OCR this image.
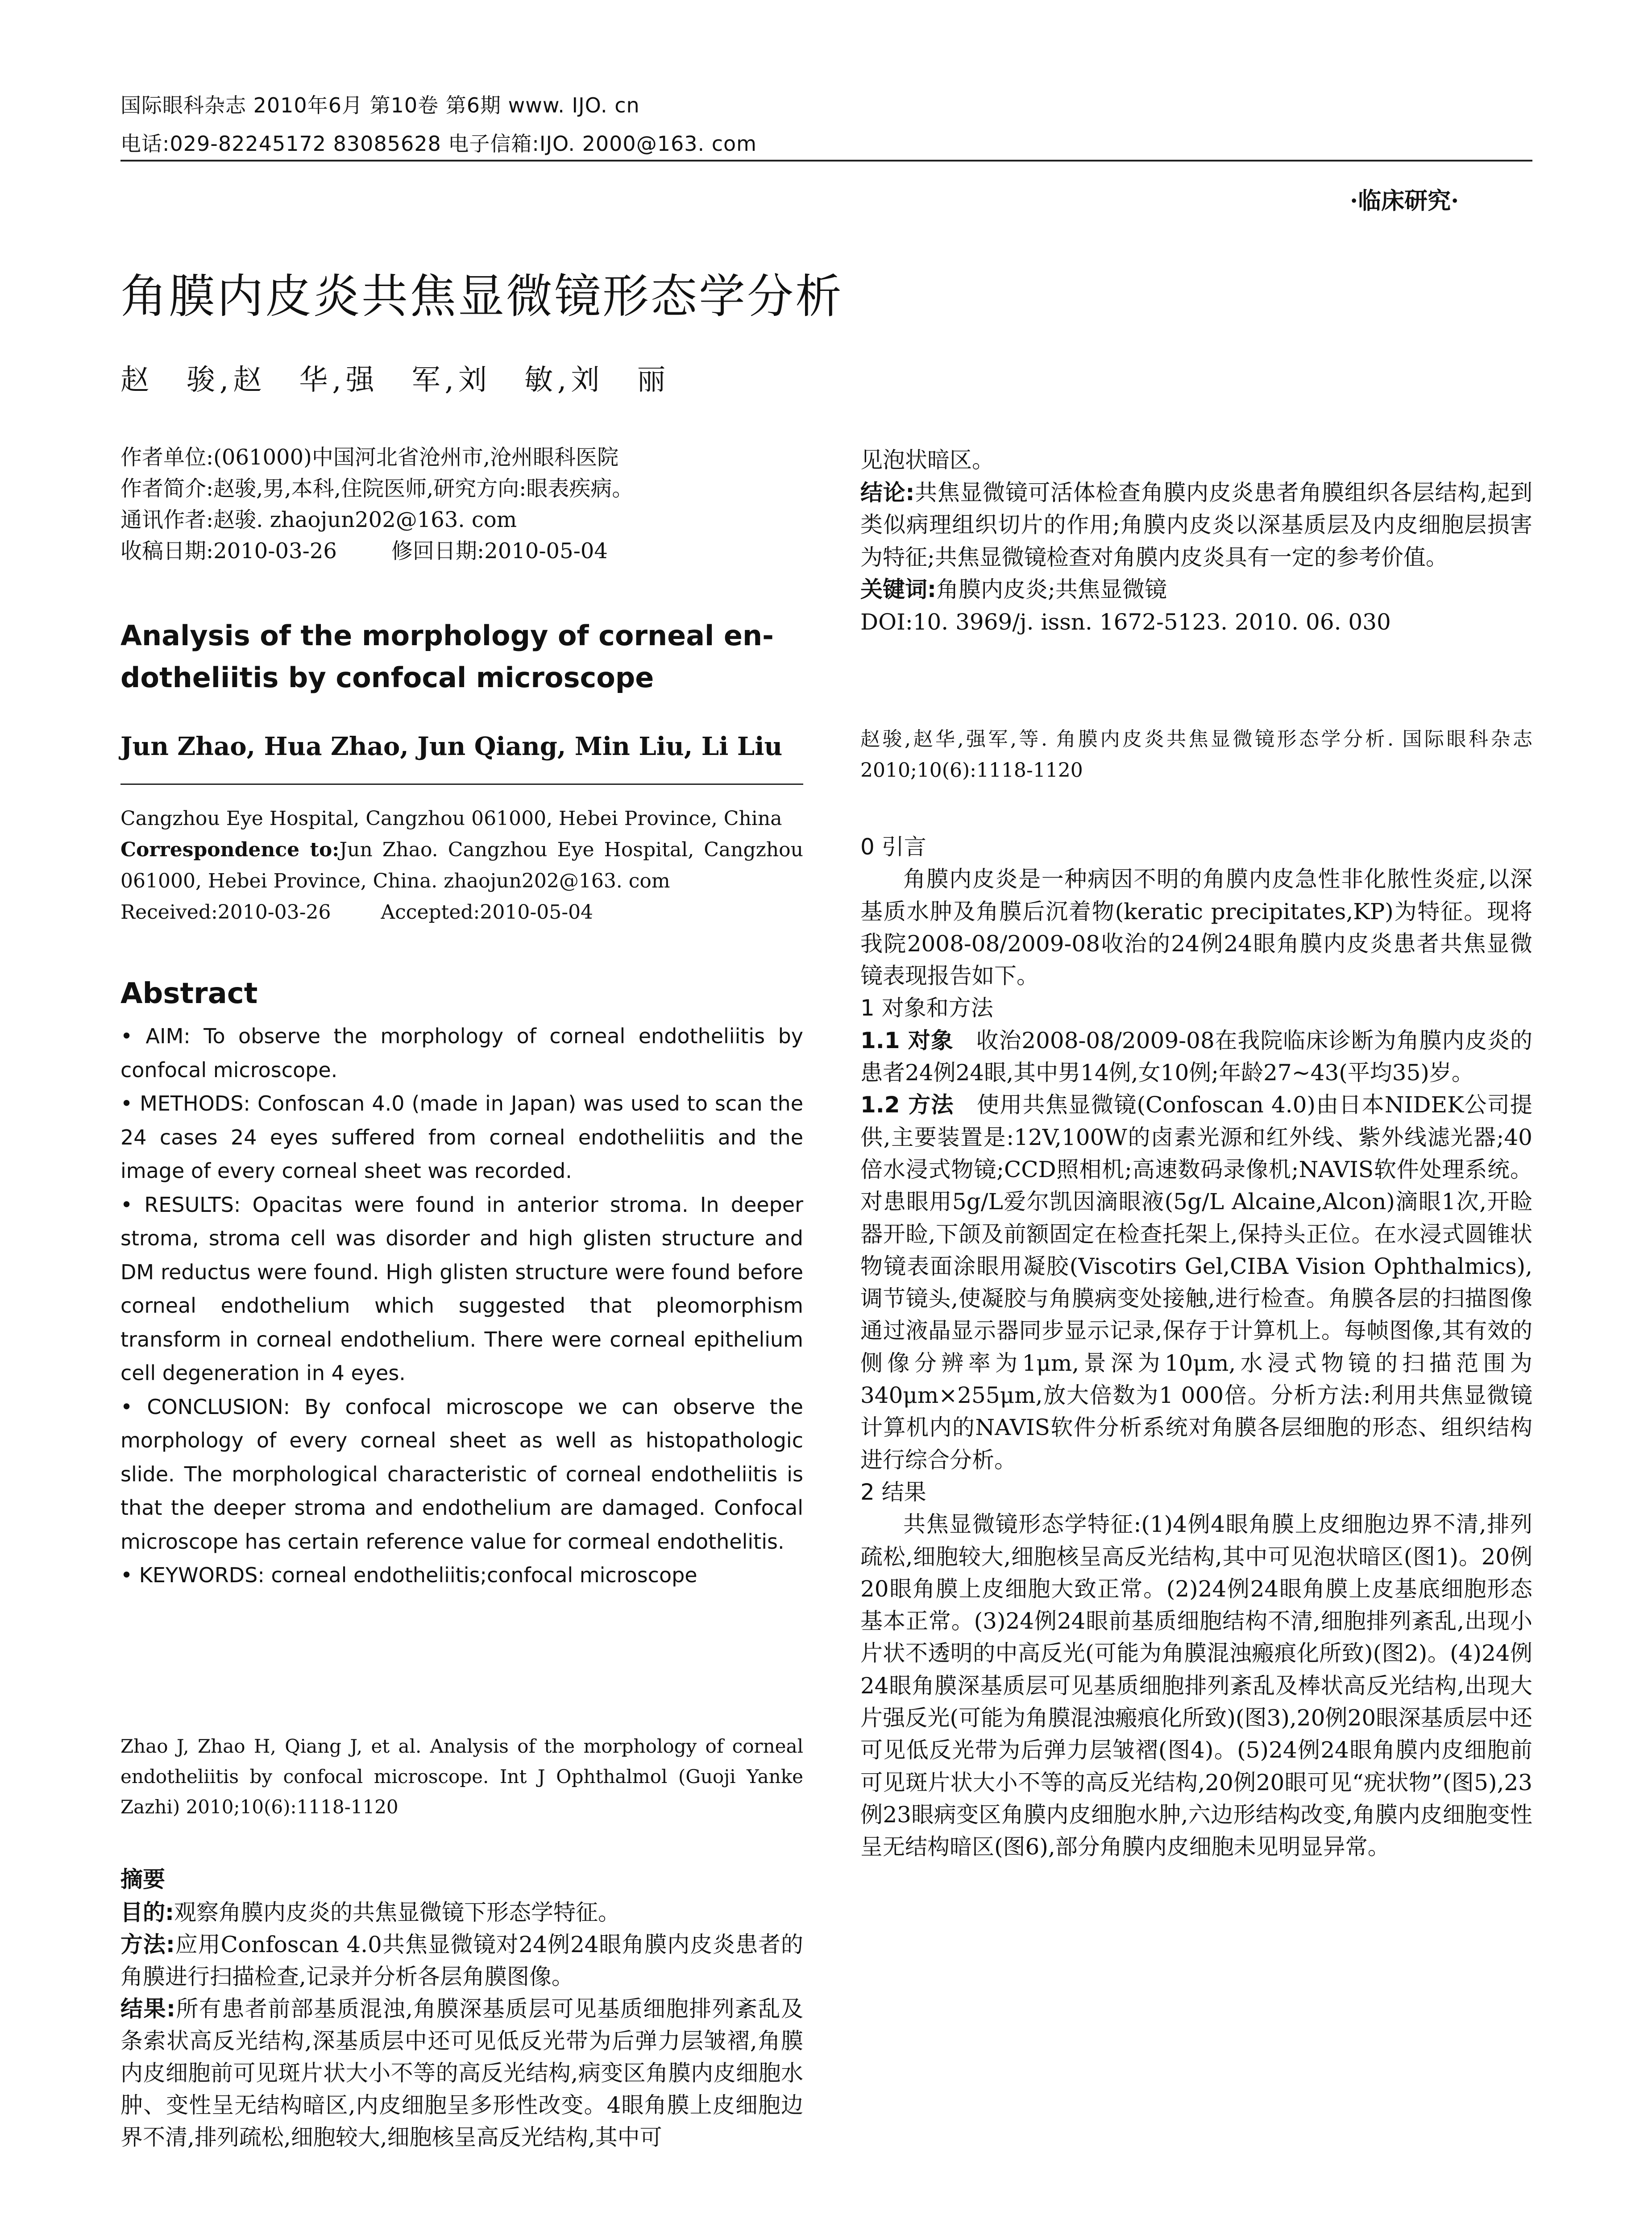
国际眼科杂志 2010年6月 第10卷 第6期 www. IJO. cn
电话:029-82245172 83085628 电子信箱:IJO. 2000@163. com
·临床研究·
角膜内皮炎共焦显微镜形态学分析
赵　骏,赵　华,强　军,刘　敏,刘　丽

作者单位:(061000)中国河北省沧州市,沧州眼科医院

作者简介:赵骏,男,本科,住院医师,研究方向:眼表疾病。

通讯作者:赵骏. zhaojun202@163. com

收稿日期:2010-03-26        修回日期:2010-05-04

Analysis of the morphology of corneal en-dotheliitis by confocal microscope
Jun Zhao, Hua Zhao, Jun Qiang, Min Liu, Li Liu

Cangzhou Eye Hospital, Cangzhou 061000, Hebei Province, China

Correspondence to:Jun Zhao. Cangzhou Eye Hospital, Cangzhou 061000, Hebei Province, China. zhaojun202@163. com

Received:2010-03-26        Accepted:2010-05-04

Abstract

• AIM: To observe the morphology of corneal endotheliitis by confocal microscope.

• METHODS: Confoscan 4.0 (made in Japan) was used to scan the 24 cases 24 eyes suffered from corneal endotheliitis and the image of every corneal sheet was recorded.

• RESULTS: Opacitas were found in anterior stroma. In deeper stroma, stroma cell was disorder and high glisten structure and DM reductus were found. High glisten structure were found before corneal endothelium which suggested that pleomorphism transform in corneal endothelium. There were corneal epithelium cell degeneration in 4 eyes.

• CONCLUSION: By confocal microscope we can observe the morphology of every corneal sheet as well as histopathologic slide. The morphological characteristic of corneal endotheliitis is that the deeper stroma and endothelium are damaged. Confocal microscope has certain reference value for cormeal endothelitis.

• KEYWORDS: corneal endotheliitis;confocal microscope

Zhao J, Zhao H, Qiang J, et al. Analysis of the morphology of corneal endotheliitis by confocal microscope. Int J Ophthalmol (Guoji Yanke Zazhi) 2010;10(6):1118-1120
摘要

目的:观察角膜内皮炎的共焦显微镜下形态学特征。

方法:应用Confoscan 4.0共焦显微镜对24例24眼角膜内皮炎患者的角膜进行扫描检查,记录并分析各层角膜图像。

结果:所有患者前部基质混浊,角膜深基质层可见基质细胞排列紊乱及条索状高反光结构,深基质层中还可见低反光带为后弹力层皱褶,角膜内皮细胞前可见斑片状大小不等的高反光结构,病变区角膜内皮细胞水肿、变性呈无结构暗区,内皮细胞呈多形性改变。4眼角膜上皮细胞边界不清,排列疏松,细胞较大,细胞核呈高反光结构,其中可

见泡状暗区。

结论:共焦显微镜可活体检查角膜内皮炎患者角膜组织各层结构,起到类似病理组织切片的作用;角膜内皮炎以深基质层及内皮细胞层损害为特征;共焦显微镜检查对角膜内皮炎具有一定的参考价值。

关键词:角膜内皮炎;共焦显微镜

DOI:10. 3969/j. issn. 1672-5123. 2010. 06. 030

赵骏,赵华,强军,等. 角膜内皮炎共焦显微镜形态学分析. 国际眼科杂志 2010;10(6):1118-1120

0 引言

角膜内皮炎是一种病因不明的角膜内皮急性非化脓性炎症,以深基质水肿及角膜后沉着物(keratic precipitates,KP)为特征。现将我院2008-08/2009-08收治的24例24眼角膜内皮炎患者共焦显微镜表现报告如下。

1 对象和方法

1.1 对象　 收治2008-08/2009-08在我院临床诊断为角膜内皮炎的患者24例24眼,其中男14例,女10例;年龄27~43(平均35)岁。

1.2 方法　 使用共焦显微镜(Confoscan 4.0)由日本NIDEK公司提供,主要装置是:12V,100W的卤素光源和红外线、紫外线滤光器;40倍水浸式物镜;CCD照相机;高速数码录像机;NAVIS软件处理系统。对患眼用5g/L爱尔凯因滴眼液(5g/L Alcaine,Alcon)滴眼1次,开睑器开睑,下颌及前额固定在检查托架上,保持头正位。在水浸式圆锥状物镜表面涂眼用凝胶(Viscotirs Gel,CIBA Vision Ophthalmics),调节镜头,使凝胶与角膜病变处接触,进行检查。角膜各层的扫描图像通过液晶显示器同步显示记录,保存于计算机上。每帧图像,其有效的侧像分辨率为1μm,景深为10μm,水浸式物镜的扫描范围为340μm×255μm,放大倍数为1 000倍。分析方法:利用共焦显微镜计算机内的NAVIS软件分析系统对角膜各层细胞的形态、组织结构进行综合分析。

2 结果

共焦显微镜形态学特征:(1)4例4眼角膜上皮细胞边界不清,排列疏松,细胞较大,细胞核呈高反光结构,其中可见泡状暗区(图1)。20例20眼角膜上皮细胞大致正常。(2)24例24眼角膜上皮基底细胞形态基本正常。(3)24例24眼前基质细胞结构不清,细胞排列紊乱,出现小片状不透明的中高反光(可能为角膜混浊瘢痕化所致)(图2)。(4)24例24眼角膜深基质层可见基质细胞排列紊乱及棒状高反光结构,出现大片强反光(可能为角膜混浊瘢痕化所致)(图3),20例20眼深基质层中还可见低反光带为后弹力层皱褶(图4)。(5)24例24眼角膜内皮细胞前可见斑片状大小不等的高反光结构,20例20眼可见“疣状物”(图5),23例23眼病变区角膜内皮细胞水肿,六边形结构改变,角膜内皮细胞变性呈无结构暗区(图6),部分角膜内皮细胞未见明显异常。
